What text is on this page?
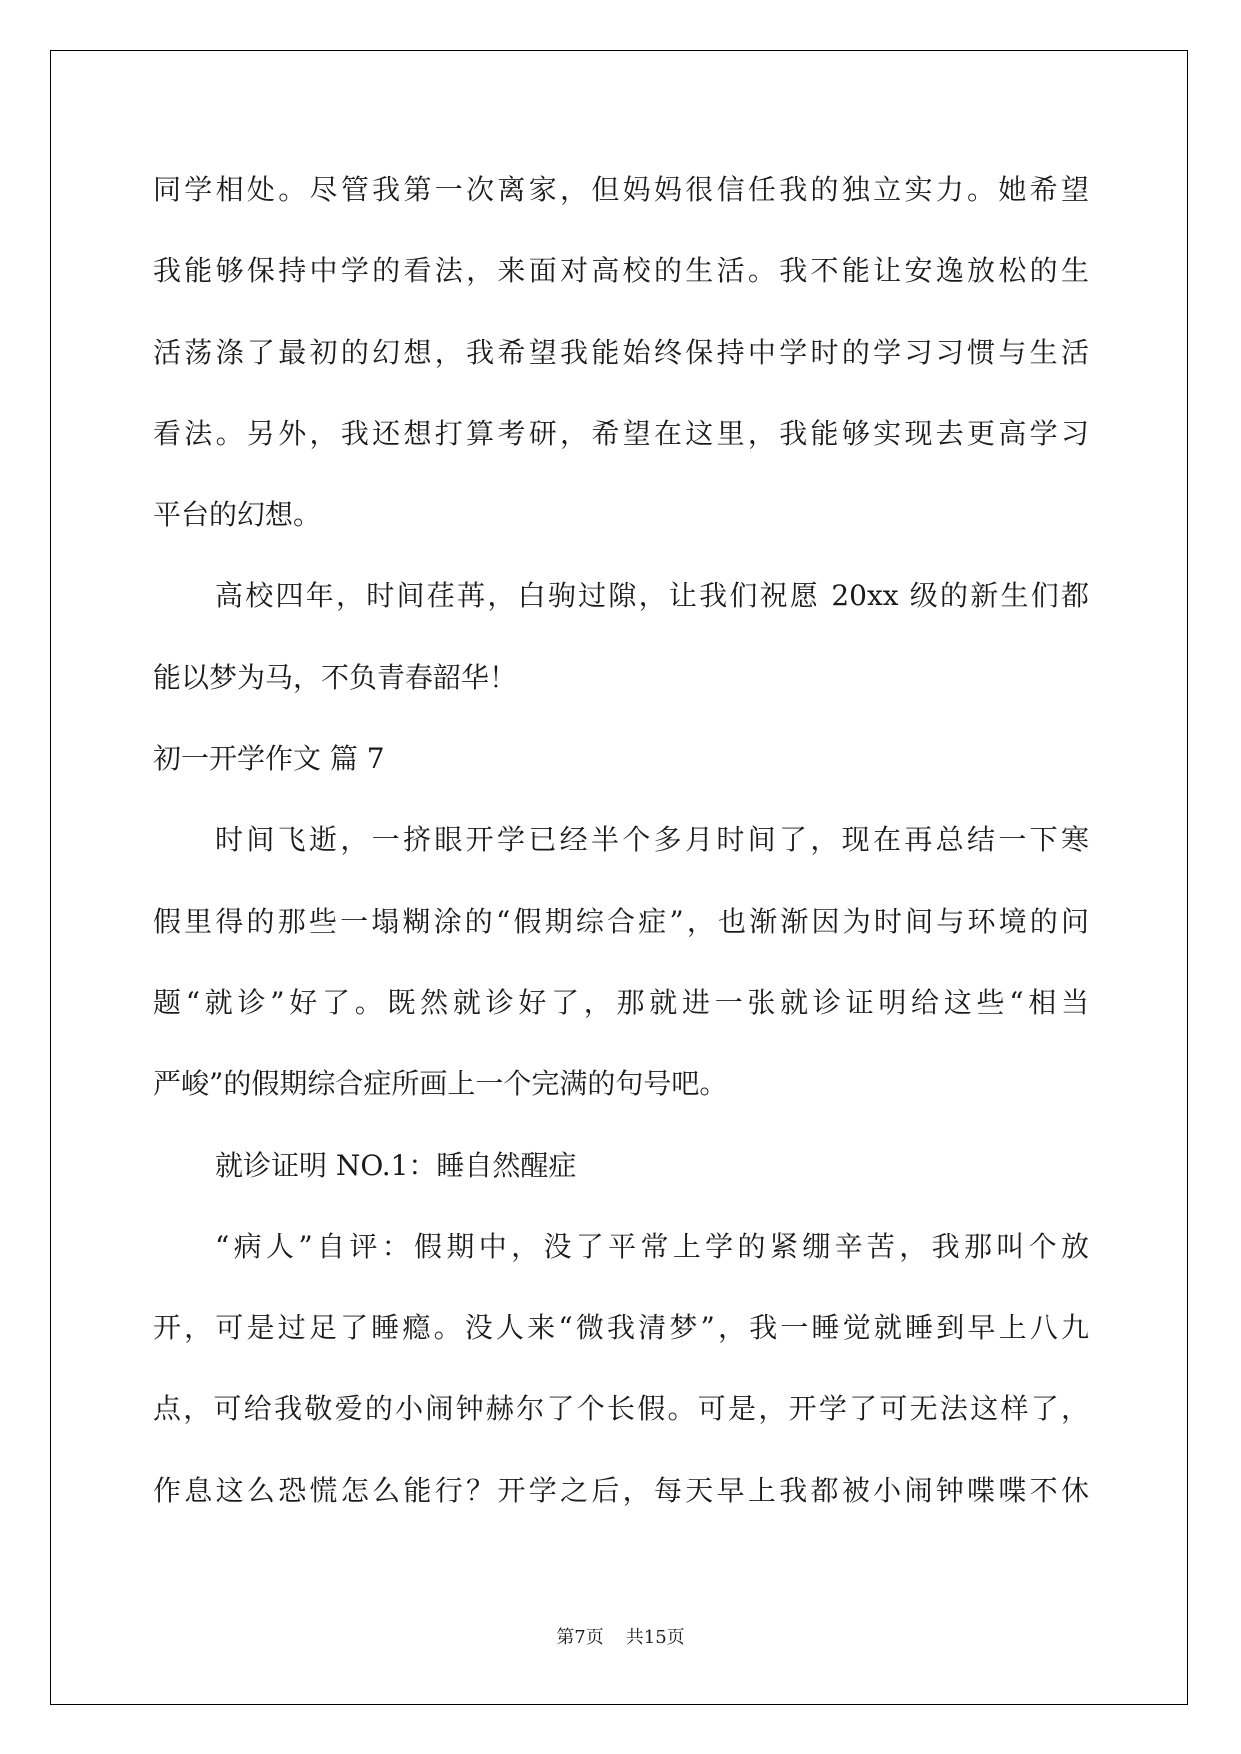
同学相处。尽管我第一次离家，但妈妈很信任我的独立实力。她希望
我能够保持中学的看法，来面对高校的生活。我不能让安逸放松的生
活荡涤了最初的幻想，我希望我能始终保持中学时的学习习惯与生活
看法。另外，我还想打算考研，希望在这里，我能够实现去更高学习
平台的幻想。
高校四年，时间荏苒，白驹过隙，让我们祝愿 20xx 级的新生们都
能以梦为马，不负青春韶华！
初一开学作文 篇 7
时间飞逝，一挤眼开学已经半个多月时间了，现在再总结一下寒
假里得的那些一塌糊涂的“假期综合症”，也渐渐因为时间与环境的问
题“就诊”好了。既然就诊好了，那就进一张就诊证明给这些“相当
严峻”的假期综合症所画上一个完满的句号吧。
就诊证明 NO.1：睡自然醒症
“病人”自评：假期中，没了平常上学的紧绷辛苦，我那叫个放
开，可是过足了睡瘾。没人来“微我清梦”，我一睡觉就睡到早上八九
点，可给我敬爱的小闹钟赫尔了个长假。可是，开学了可无法这样了，
作息这么恐慌怎么能行？开学之后，每天早上我都被小闹钟喋喋不休
第7页 共15页
